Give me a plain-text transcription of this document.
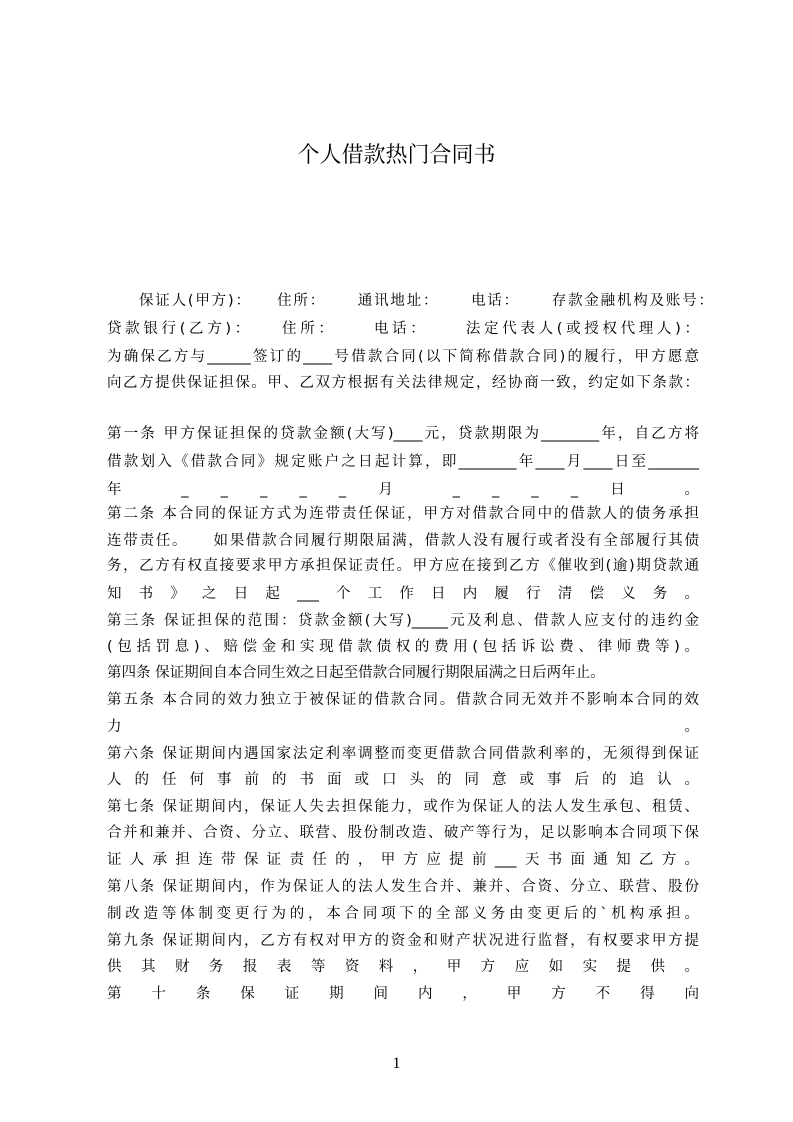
个人借款热门合同书
保证人(甲方)：　　住所：　　 通讯地址：　　 电话：　　 存款金融机构及账号：
贷款银行(乙方)：　　住所：　　 电话：　　 法定代表人(或授权代理人)：
为确保乙方与______签订的____号借款合同(以下简称借款合同)的履行，甲方愿意
向乙方提供保证担保。甲、乙双方根据有关法律规定，经协商一致，约定如下条款：
第一条 甲方保证担保的贷款金额(大写)____元，贷款期限为________年，自乙方将
借款划入《借款合同》规定账户之日起计算，即________年____月____日至_______
年 _ _ _ _ _ 月 _ _ _ _ 日 。
第二条 本合同的保证方式为连带责任保证，甲方对借款合同中的借款人的债务承担
连带责任。　　如果借款合同履行期限届满，借款人没有履行或者没有全部履行其债
务，乙方有权直接要求甲方承担保证责任。甲方应在接到乙方《催收到(逾)期贷款通
知书》之日起___个工作日内履行清偿义务。
第三条 保证担保的范围：贷款金额(大写)_____元及利息、借款人应支付的违约金
(包括罚息)、赔偿金和实现借款债权的费用(包括诉讼费、律师费等)。
第四条 保证期间自本合同生效之日起至借款合同履行期限届满之日后两年止。
第五条 本合同的效力独立于被保证的借款合同。借款合同无效并不影响本合同的效
力 。
第六条 保证期间内遇国家法定利率调整而变更借款合同借款利率的，无须得到保证
人的任何事前的书面或口头的同意或事后的追认。
第七条 保证期间内，保证人失去担保能力，或作为保证人的法人发生承包、租赁、
合并和兼并、合资、分立、联营、股份制改造、破产等行为，足以影响本合同项下保
证人承担连带保证责任的，甲方应提前___天书面通知乙方。
第八条 保证期间内，作为保证人的法人发生合并、兼并、合资、分立、联营、股份
制改造等体制变更行为的，本合同项下的全部义务由变更后的`机构承担。
第九条 保证期间内，乙方有权对甲方的资金和财产状况进行监督，有权要求甲方提
供其财务报表等资料，甲方应如实提供。
第 十 条 保 证 期 间 内 ， 甲 方 不 得 向
1
